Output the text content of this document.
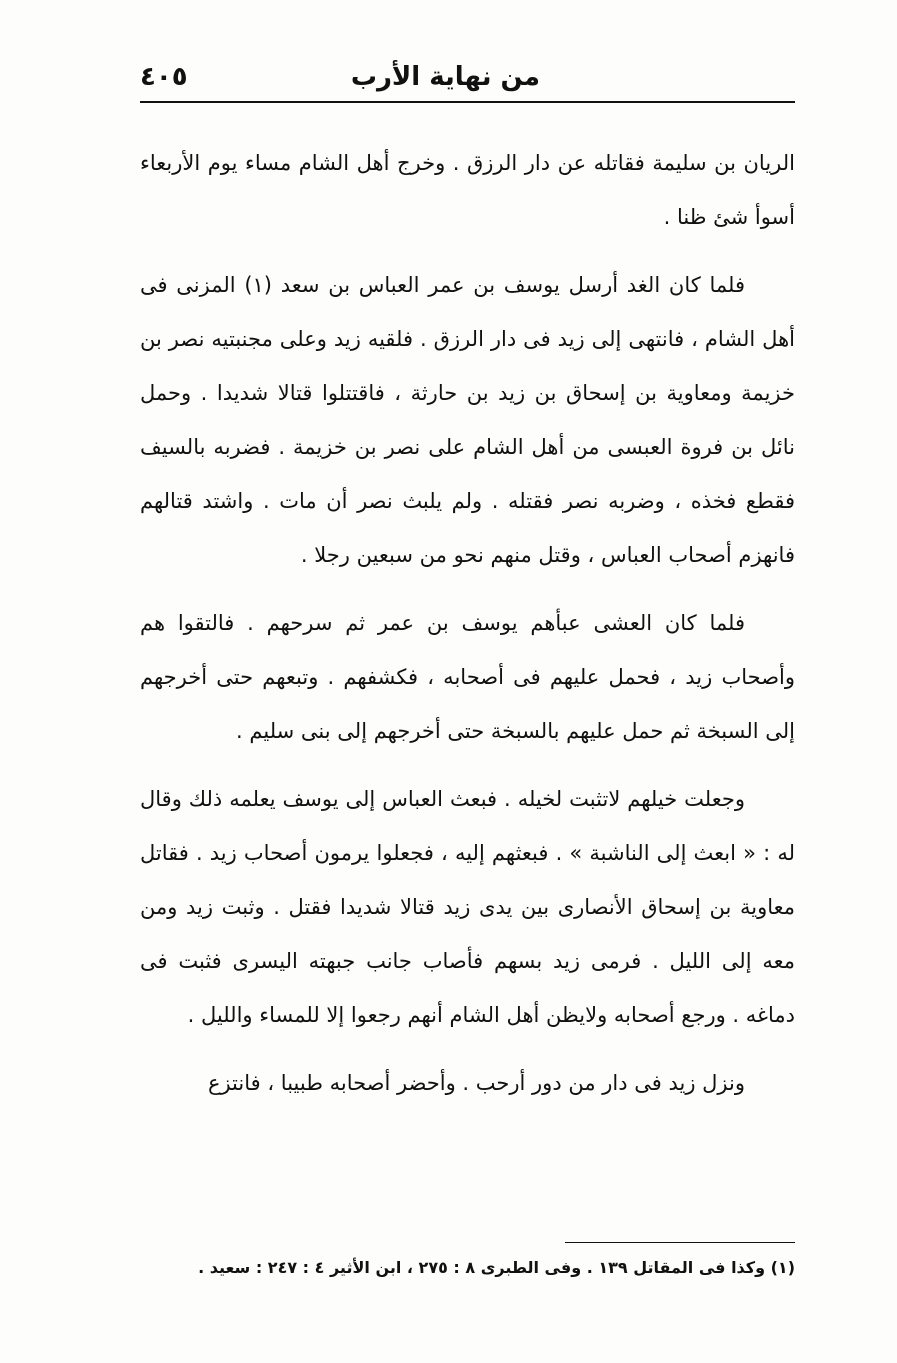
من نهاية الأرب
٤٠٥

الريان بن سليمة فقاتله عن دار الرزق . وخرج أهل الشام مساء يوم الأربعاء أسوأ شئ ظنا .

فلما كان الغد أرسل يوسف بن عمر العباس بن سعد (١) المزنى فى أهل الشام ، فانتهى إلى زيد فى دار الرزق . فلقيه زيد وعلى مجنبتيه نصر بن خزيمة ومعاوية بن إسحاق بن زيد بن حارثة ، فاقتتلوا قتالا شديدا . وحمل نائل بن فروة العبسى من أهل الشام على نصر بن خزيمة . فضربه بالسيف فقطع فخذه ، وضربه نصر فقتله . ولم يلبث نصر أن مات . واشتد قتالهم فانهزم أصحاب العباس ، وقتل منهم نحو من سبعين رجلا .

فلما كان العشى عبأهم يوسف بن عمر ثم سرحهم . فالتقوا هم وأصحاب زيد ، فحمل عليهم فى أصحابه ، فكشفهم . وتبعهم حتى أخرجهم إلى السبخة ثم حمل عليهم بالسبخة حتى أخرجهم إلى بنى سليم .

وجعلت خيلهم لاتثبت لخيله . فبعث العباس إلى يوسف يعلمه ذلك وقال له : « ابعث إلى الناشبة » . فبعثهم إليه ، فجعلوا يرمون أصحاب زيد . فقاتل معاوية بن إسحاق الأنصارى بين يدى زيد قتالا شديدا فقتل . وثبت زيد ومن معه إلى الليل . فرمى زيد بسهم فأصاب جانب جبهته اليسرى فثبت فى دماغه . ورجع أصحابه ولايظن أهل الشام أنهم رجعوا إلا للمساء والليل .

ونزل زيد فى دار من دور أرحب . وأحضر أصحابه طبيبا ، فانتزع

(١) وكذا فى المقاتل ١٣٩ . وفى الطبرى ٨ : ٢٧٥ ، ابن الأثير ٤ : ٢٤٧ : سعيد .
